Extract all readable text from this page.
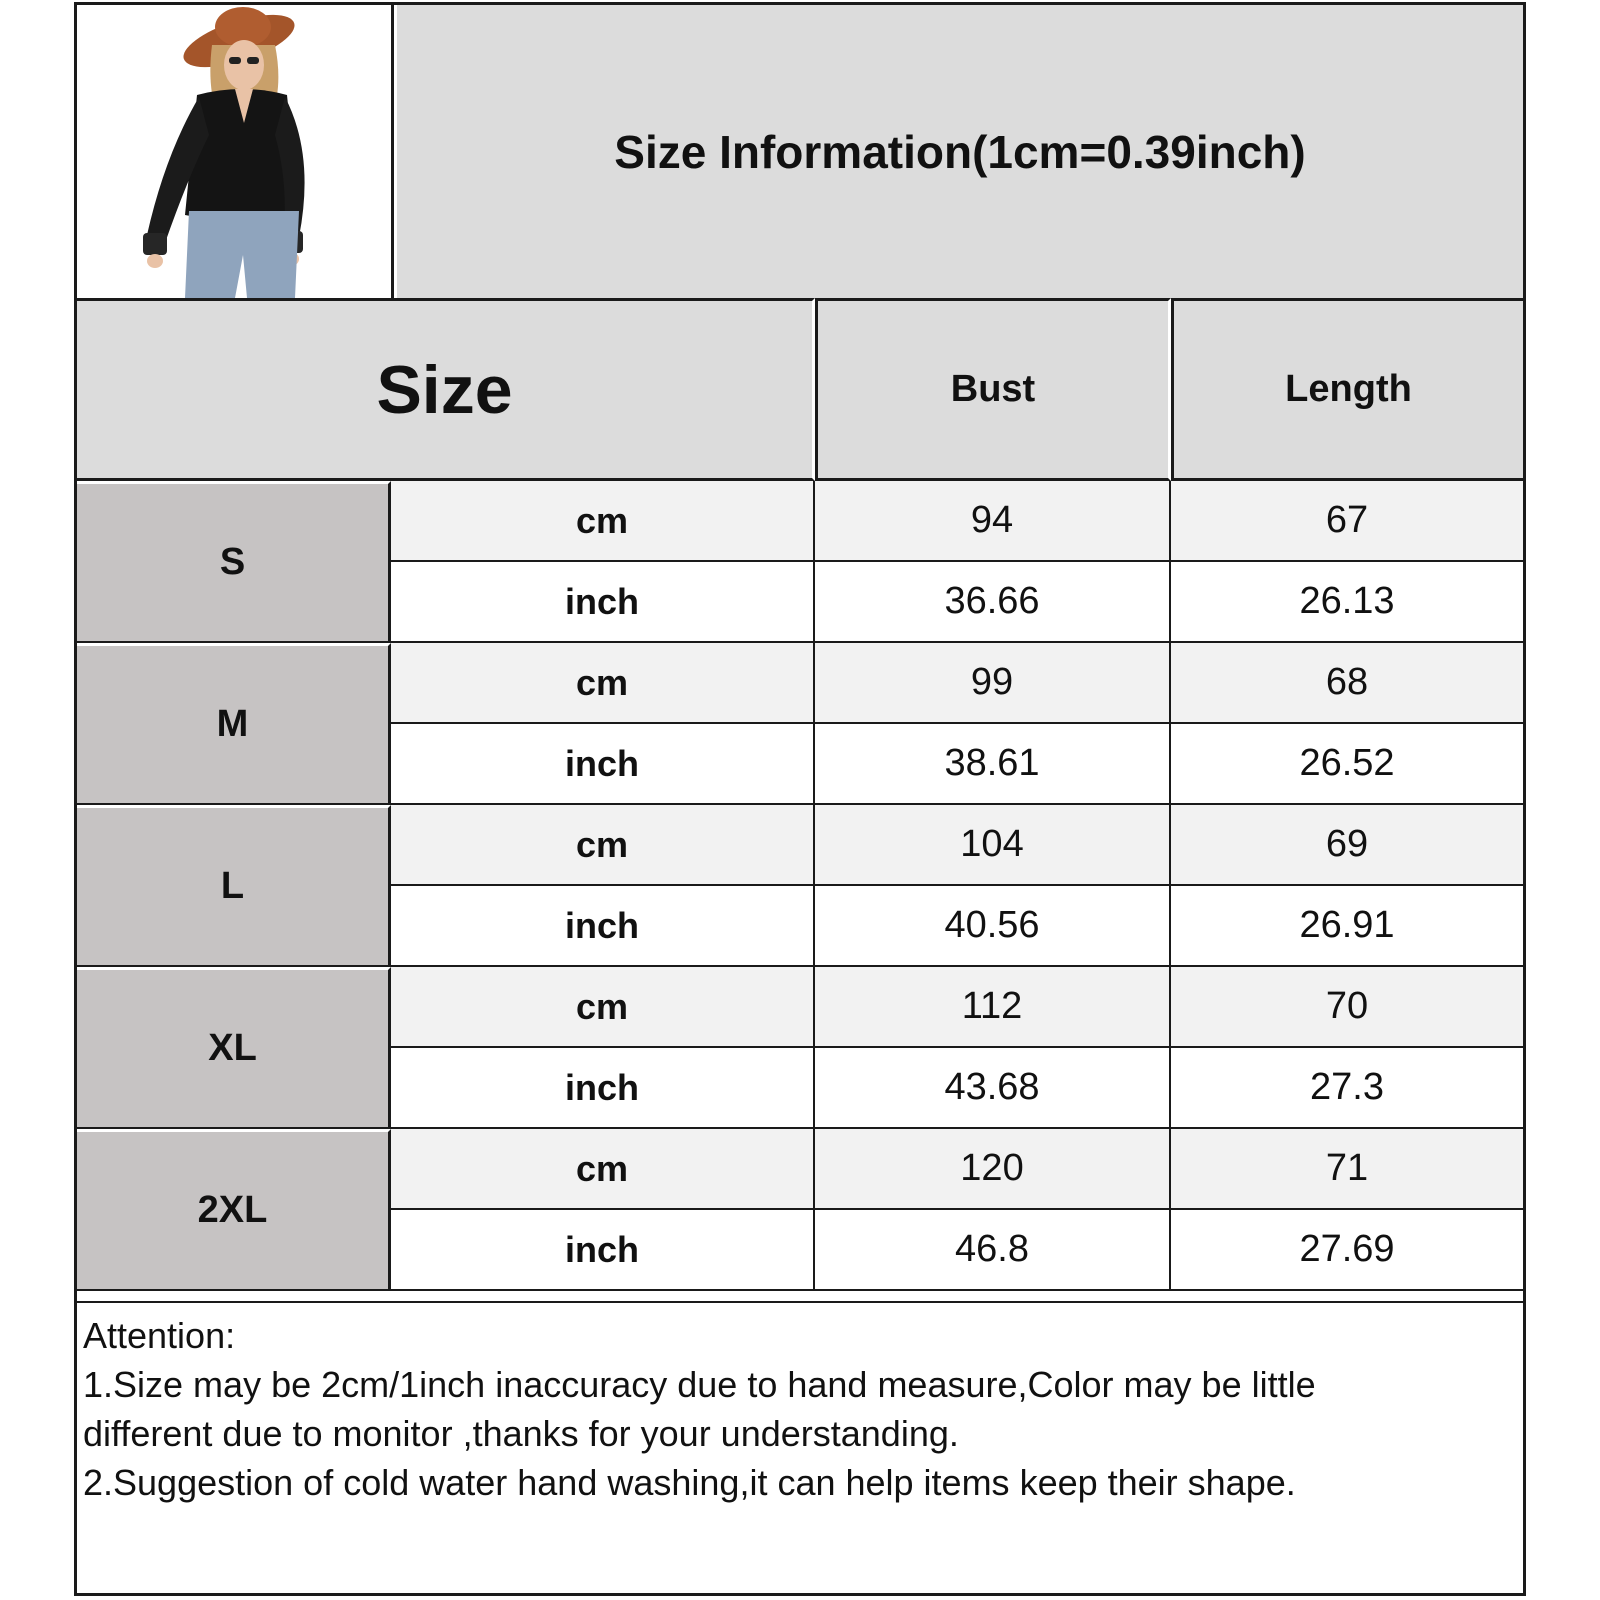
Size Information(1cm=0.39inch)
Size	Bust	Length
S
cm	94	67
inch	36.66	26.13
M
cm	99	68
inch	38.61	26.52
L
cm	104	69
inch	40.56	26.91
XL
cm	112	70
inch	43.68	27.3
2XL
cm	120	71
inch	46.8	27.69
Attention:
1.Size may be 2cm/1inch inaccuracy due to hand measure,Color may be little
different due to monitor ,thanks for your understanding.
2.Suggestion of cold water hand washing,it can help items keep their shape.
